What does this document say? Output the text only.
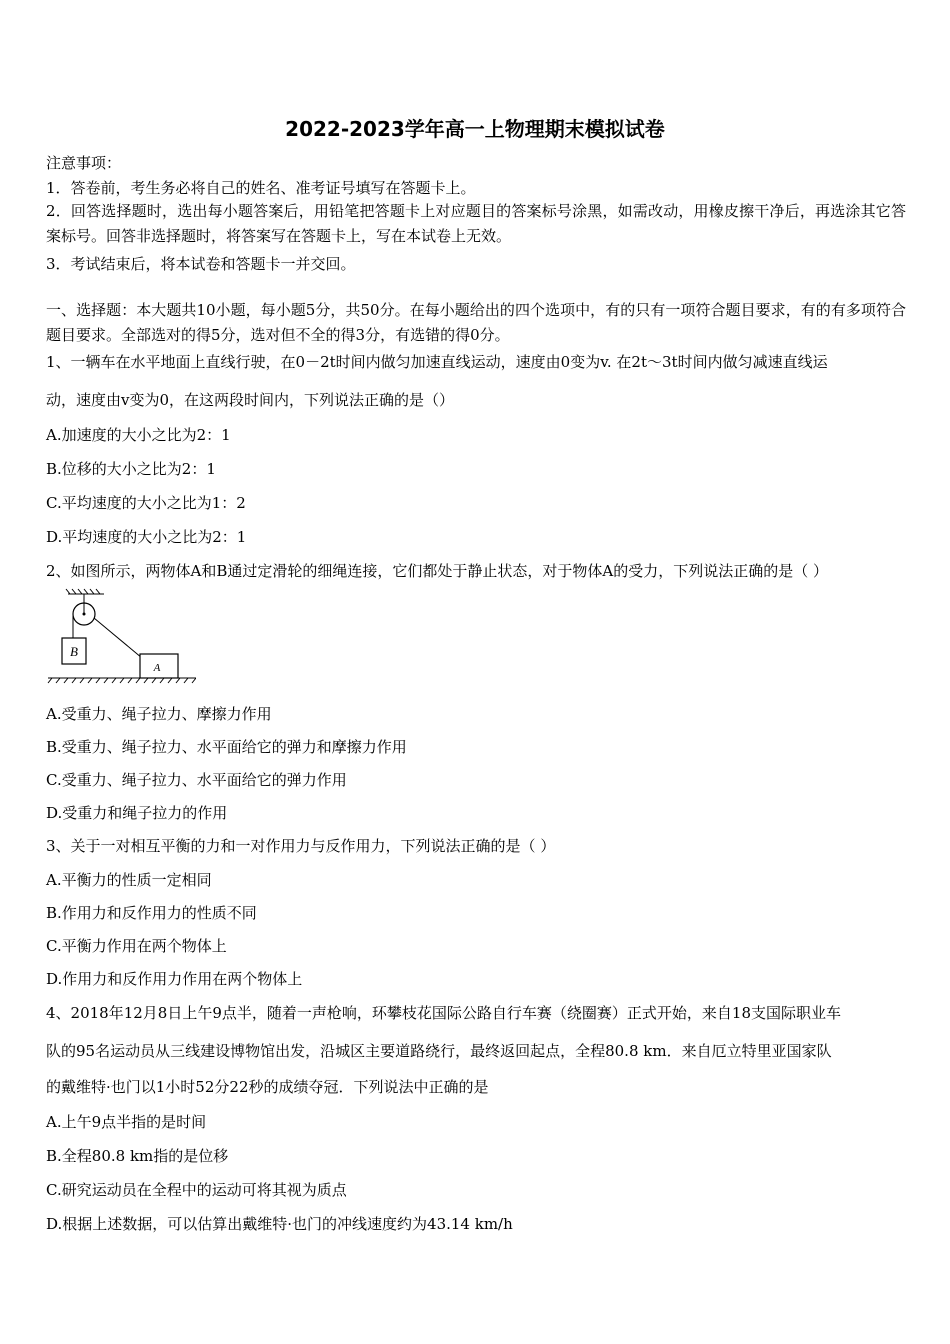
2022-2023学年高一上物理期末模拟试卷
注意事项：
1．答卷前，考生务必将自己的姓名、准考证号填写在答题卡上。
2．回答选择题时，选出每小题答案后，用铅笔把答题卡上对应题目的答案标号涂黑，如需改动，用橡皮擦干净后，再选涂其它答案标号。回答非选择题时，将答案写在答题卡上，写在本试卷上无效。
3．考试结束后，将本试卷和答题卡一并交回。
一、选择题：本大题共10小题，每小题5分，共50分。在每小题给出的四个选项中，有的只有一项符合题目要求，有的有多项符合题目要求。全部选对的得5分，选对但不全的得3分，有选错的得0分。
1、一辆车在水平地面上直线行驶，在0－2t时间内做匀加速直线运动，速度由0变为v. 在2t～3t时间内做匀减速直线运
动，速度由v变为0，在这两段时间内，下列说法正确的是（）
A.加速度的大小之比为2：1
B.位移的大小之比为2：1
C.平均速度的大小之比为1：2
D.平均速度的大小之比为2：1
2、如图所示，两物体A和B通过定滑轮的细绳连接，它们都处于静止状态，对于物体A的受力，下列说法正确的是（ ）
B
A
A.受重力、绳子拉力、摩擦力作用
B.受重力、绳子拉力、水平面给它的弹力和摩擦力作用
C.受重力、绳子拉力、水平面给它的弹力作用
D.受重力和绳子拉力的作用
3、关于一对相互平衡的力和一对作用力与反作用力，下列说法正确的是（ ）
A.平衡力的性质一定相同
B.作用力和反作用力的性质不同
C.平衡力作用在两个物体上
D.作用力和反作用力作用在两个物体上
4、2018年12月8日上午9点半，随着一声枪响，环攀枝花国际公路自行车赛（绕圈赛）正式开始，来自18支国际职业车
队的95名运动员从三线建设博物馆出发，沿城区主要道路绕行，最终返回起点，全程80.8 km．来自厄立特里亚国家队
的戴维特·也门以1小时52分22秒的成绩夺冠．下列说法中正确的是
A.上午9点半指的是时间
B.全程80.8 km指的是位移
C.研究运动员在全程中的运动可将其视为质点
D.根据上述数据，可以估算出戴维特·也门的冲线速度约为43.14 km/h
